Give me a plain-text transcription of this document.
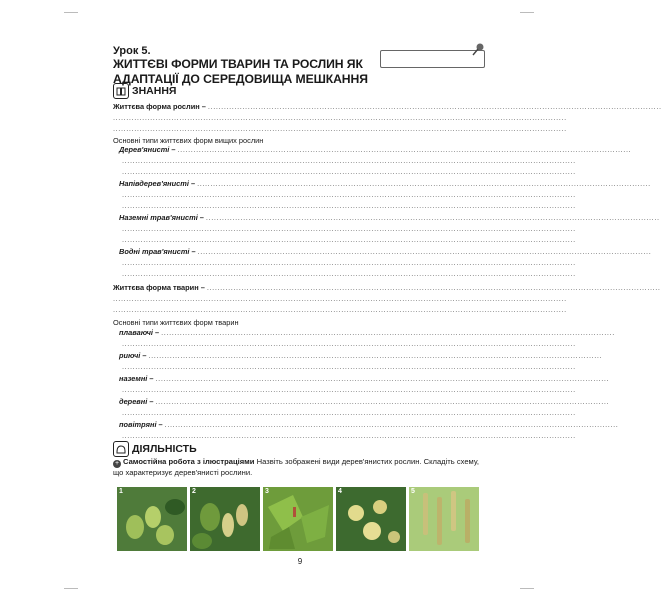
Урок 5.
ЖИТТЄВІ ФОРМИ ТВАРИН ТА РОСЛИН ЯК АДАПТАЦІЇ ДО СЕРЕДОВИЩА МЕШКАННЯ
ЗНАННЯ
Життєва форма рослин – ...........................................................................................................................................................................
...........................................................................................................................................................................
...........................................................................................................................................................................
Основні типи життєвих форм вищих рослин
Дерев'янисті – ...........................................................................................................................................................................
...........................................................................................................................................................................
...........................................................................................................................................................................
Напівдерев'янисті – ...........................................................................................................................................................................
...........................................................................................................................................................................
...........................................................................................................................................................................
Наземні трав'янисті – ...........................................................................................................................................................................
...........................................................................................................................................................................
...........................................................................................................................................................................
Водні трав'янисті – ...........................................................................................................................................................................
...........................................................................................................................................................................
...........................................................................................................................................................................
Життєва форма тварин – ...........................................................................................................................................................................
...........................................................................................................................................................................
...........................................................................................................................................................................
Основні типи життєвих форм тварин
плаваючі – ...........................................................................................................................................................................
...........................................................................................................................................................................
риючі – ...........................................................................................................................................................................
...........................................................................................................................................................................
наземні – ...........................................................................................................................................................................
...........................................................................................................................................................................
деревні – ...........................................................................................................................................................................
...........................................................................................................................................................................
повітряні – ...........................................................................................................................................................................
...........................................................................................................................................................................
ДІЯЛЬНІСТЬ
+ Самостійна робота з ілюстраціями Назвіть зображені види дерев'янистих рослин. Складіть схему, що характеризує дерев'янисті рослини.
1	2	3	4	5
9
